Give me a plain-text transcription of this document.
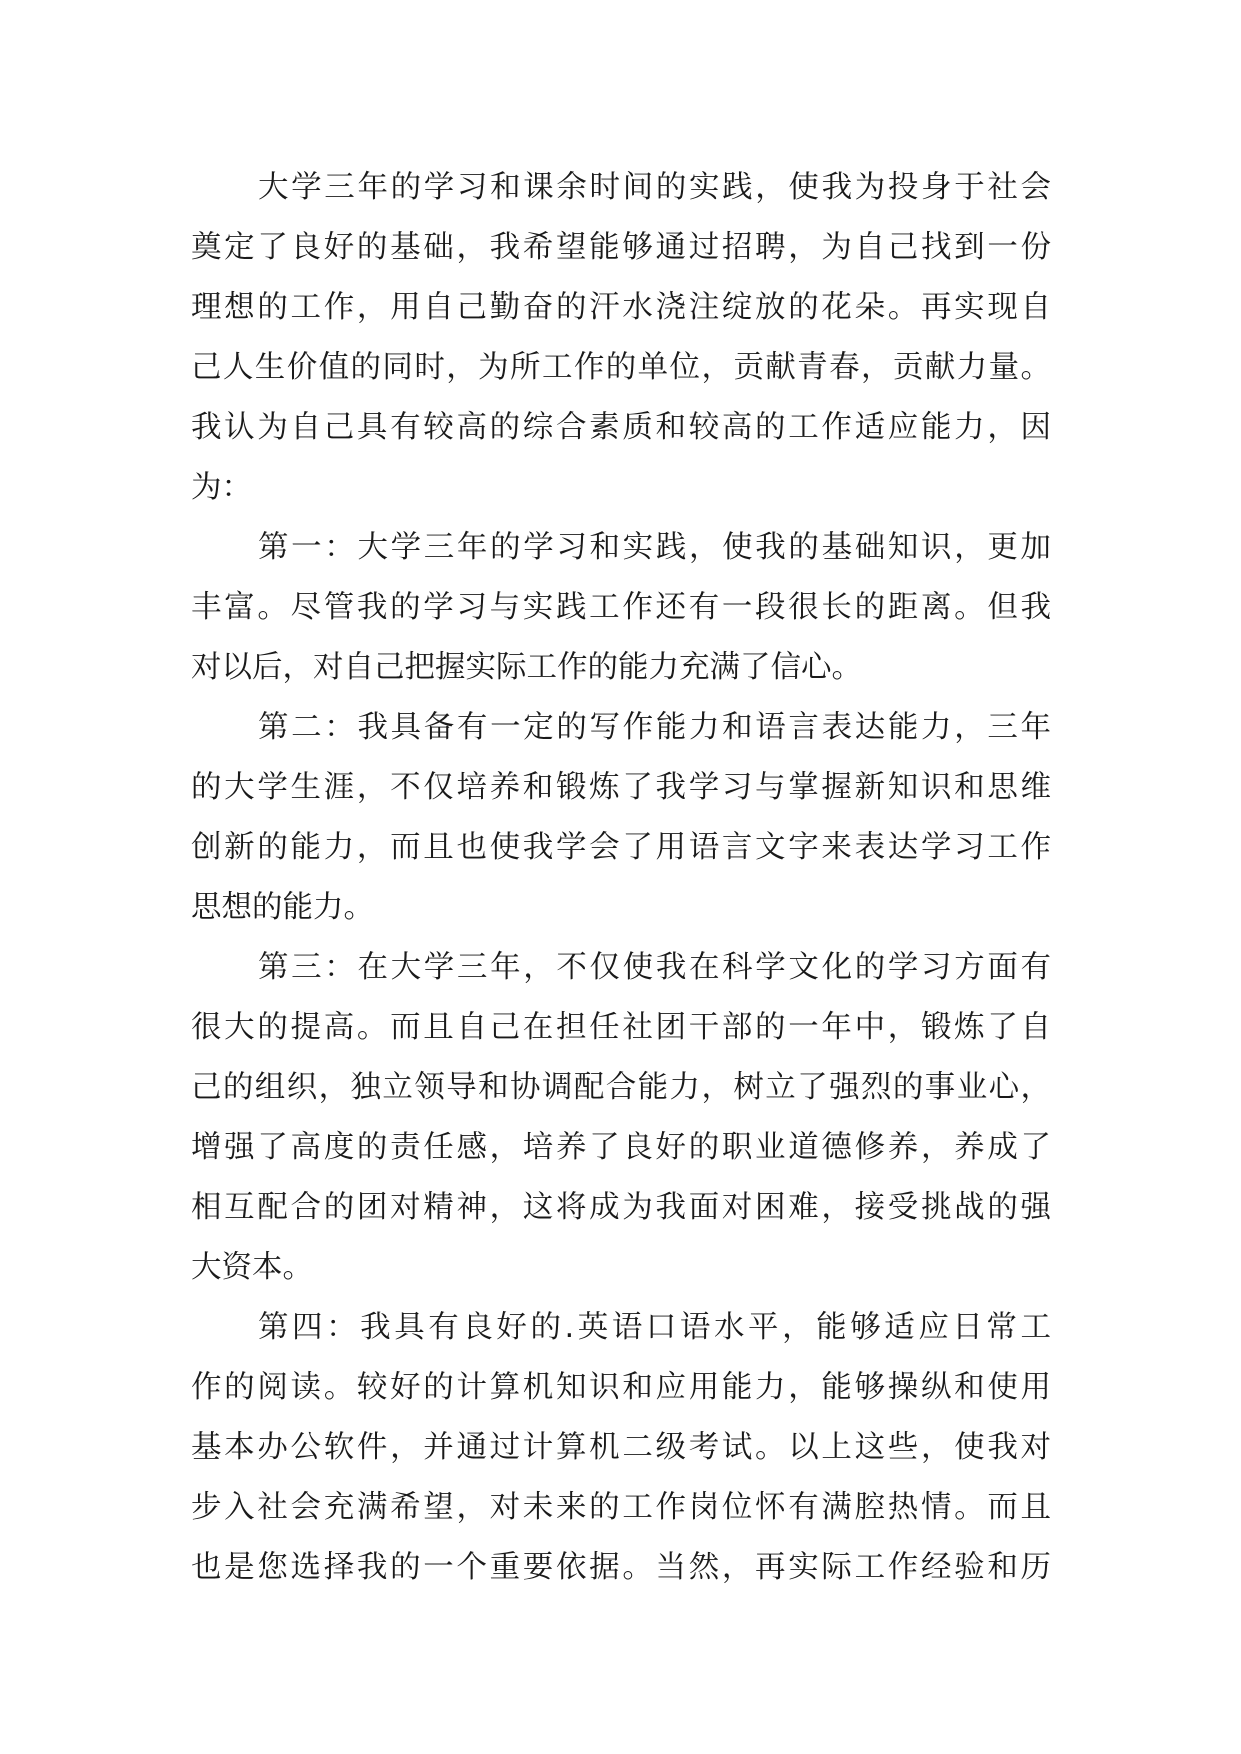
大学三年的学习和课余时间的实践，使我为投身于社会
奠定了良好的基础，我希望能够通过招聘，为自己找到一份
理想的工作，用自己勤奋的汗水浇注绽放的花朵。再实现自
己人生价值的同时，为所工作的单位，贡献青春，贡献力量。
我认为自己具有较高的综合素质和较高的工作适应能力，因
为：
第一：大学三年的学习和实践，使我的基础知识，更加
丰富。尽管我的学习与实践工作还有一段很长的距离。但我
对以后，对自己把握实际工作的能力充满了信心。
第二：我具备有一定的写作能力和语言表达能力，三年
的大学生涯，不仅培养和锻炼了我学习与掌握新知识和思维
创新的能力，而且也使我学会了用语言文字来表达学习工作
思想的能力。
第三：在大学三年，不仅使我在科学文化的学习方面有
很大的提高。而且自己在担任社团干部的一年中，锻炼了自
己的组织，独立领导和协调配合能力，树立了强烈的事业心，
增强了高度的责任感，培养了良好的职业道德修养，养成了
相互配合的团对精神，这将成为我面对困难，接受挑战的强
大资本。
第四：我具有良好的.英语口语水平，能够适应日常工
作的阅读。较好的计算机知识和应用能力，能够操纵和使用
基本办公软件，并通过计算机二级考试。以上这些，使我对
步入社会充满希望，对未来的工作岗位怀有满腔热情。而且
也是您选择我的一个重要依据。当然，再实际工作经验和历
